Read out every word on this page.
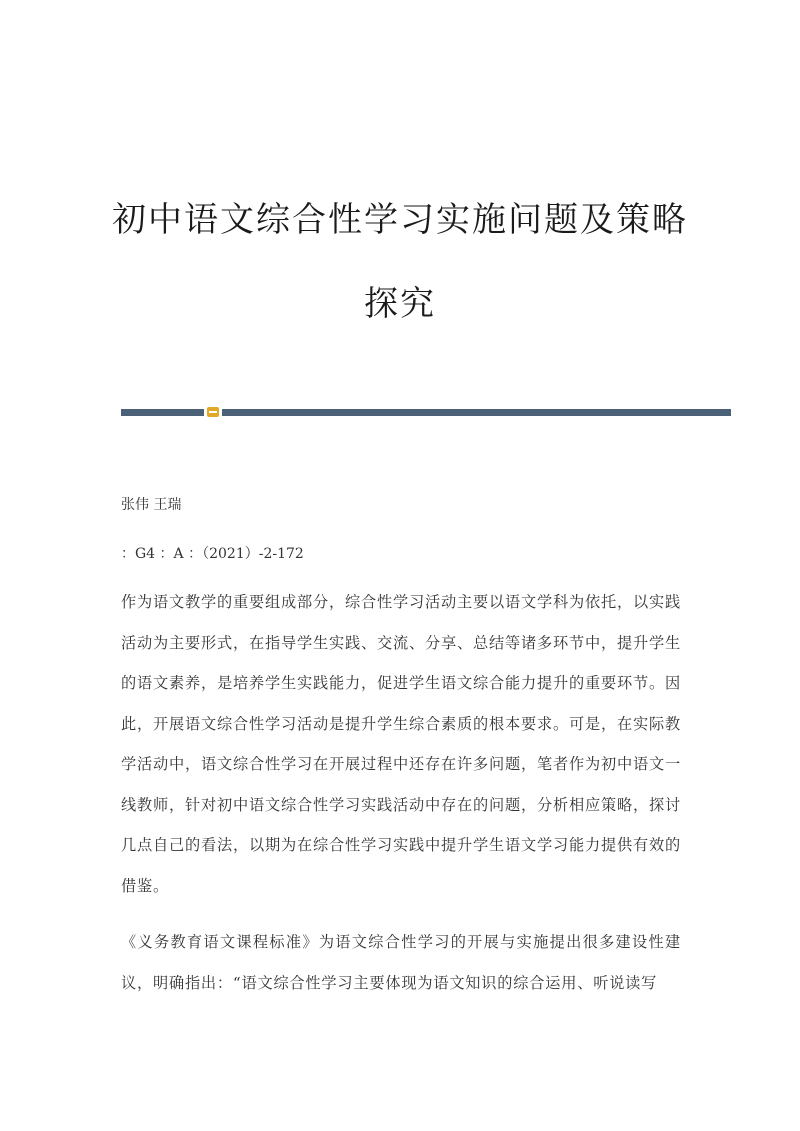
初中语文综合性学习实施问题及策略探究

张伟 王瑞

：G4 ：A ：（2021）-2-172

作为语文教学的重要组成部分，综合性学习活动主要以语文学科为依托，以实践活动为主要形式，在指导学生实践、交流、分享、总结等诸多环节中，提升学生的语文素养，是培养学生实践能力，促进学生语文综合能力提升的重要环节。因此，开展语文综合性学习活动是提升学生综合素质的根本要求。可是，在实际教学活动中，语文综合性学习在开展过程中还存在许多问题，笔者作为初中语文一线教师，针对初中语文综合性学习实践活动中存在的问题，分析相应策略，探讨几点自己的看法，以期为在综合性学习实践中提升学生语文学习能力提供有效的借鉴。

《义务教育语文课程标准》为语文综合性学习的开展与实施提出很多建设性建议，明确指出：“语文综合性学习主要体现为语文知识的综合运用、听说读写
